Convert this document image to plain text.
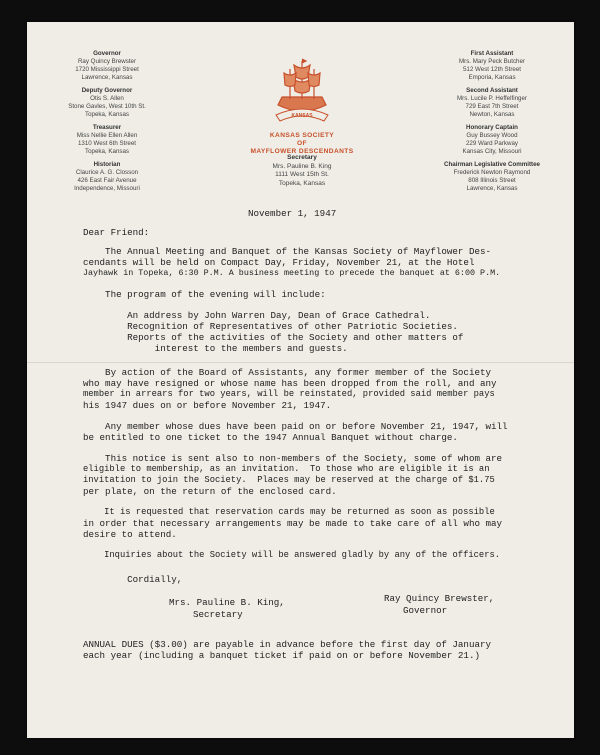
Governor
Ray Quincy Brewster
1720 Mississippi Street
Lawrence, Kansas
Deputy Governor
Otis S. Allen
Stone Gavles, West 10th St.
Topeka, Kansas
Treasurer
Miss Nellie Ellen Allen
1310 West 6th Street
Topeka, Kansas
Historian
Claurice A. G. Closson
426 East Fair Avenue
Independence, Missouri
First Assistant
Mrs. Mary Peck Butcher
512 West 12th Street
Emporia, Kansas
Second Assistant
Mrs. Lucile P. Heffelfinger
729 East 7th Street
Newton, Kansas
Honorary Captain
Guy Bussey Wood
229 Ward Parkway
Kansas City, Missouri
Chairman Legislative Committee
Frederick Newton Raymond
808 Illinois Street
Lawrence, Kansas
KANSAS
KANSAS SOCIETY
OF
MAYFLOWER DESCENDANTS
Secretary
Mrs. Pauline B. King
1111 West 15th St.
Topeka, Kansas
November 1, 1947
Dear Friend:
The Annual Meeting and Banquet of the Kansas Society of Mayflower Des-
cendants will be held on Compact Day, Friday, November 21, at the Hotel
Jayhawk in Topeka, 6:30 P.M. A business meeting to precede the banquet at 6:00 P.M.
The program of the evening will include:
An address by John Warren Day, Dean of Grace Cathedral.
Recognition of Representatives of other Patriotic Societies.
Reports of the activities of the Society and other matters of
interest to the members and guests.
By action of the Board of Assistants, any former member of the Society
who may have resigned or whose name has been dropped from the roll, and any
member in arrears for two years, will be reinstated, provided said member pays
his 1947 dues on or before November 21, 1947.
Any member whose dues have been paid on or before November 21, 1947, will
be entitled to one ticket to the 1947 Annual Banquet without charge.
This notice is sent also to non-members of the Society, some of whom are
eligible to membership, as an invitation.  To those who are eligible it is an
invitation to join the Society.  Places may be reserved at the charge of $1.75
per plate, on the return of the enclosed card.
It is requested that reservation cards may be returned as soon as possible
in order that necessary arrangements may be made to take care of all who may
desire to attend.
Inquiries about the Society will be answered gladly by any of the officers.
Cordially,
Mrs. Pauline B. King,
Secretary
Ray Quincy Brewster,
Governor
ANNUAL DUES ($3.00) are payable in advance before the first day of January
each year (including a banquet ticket if paid on or before November 21.)
